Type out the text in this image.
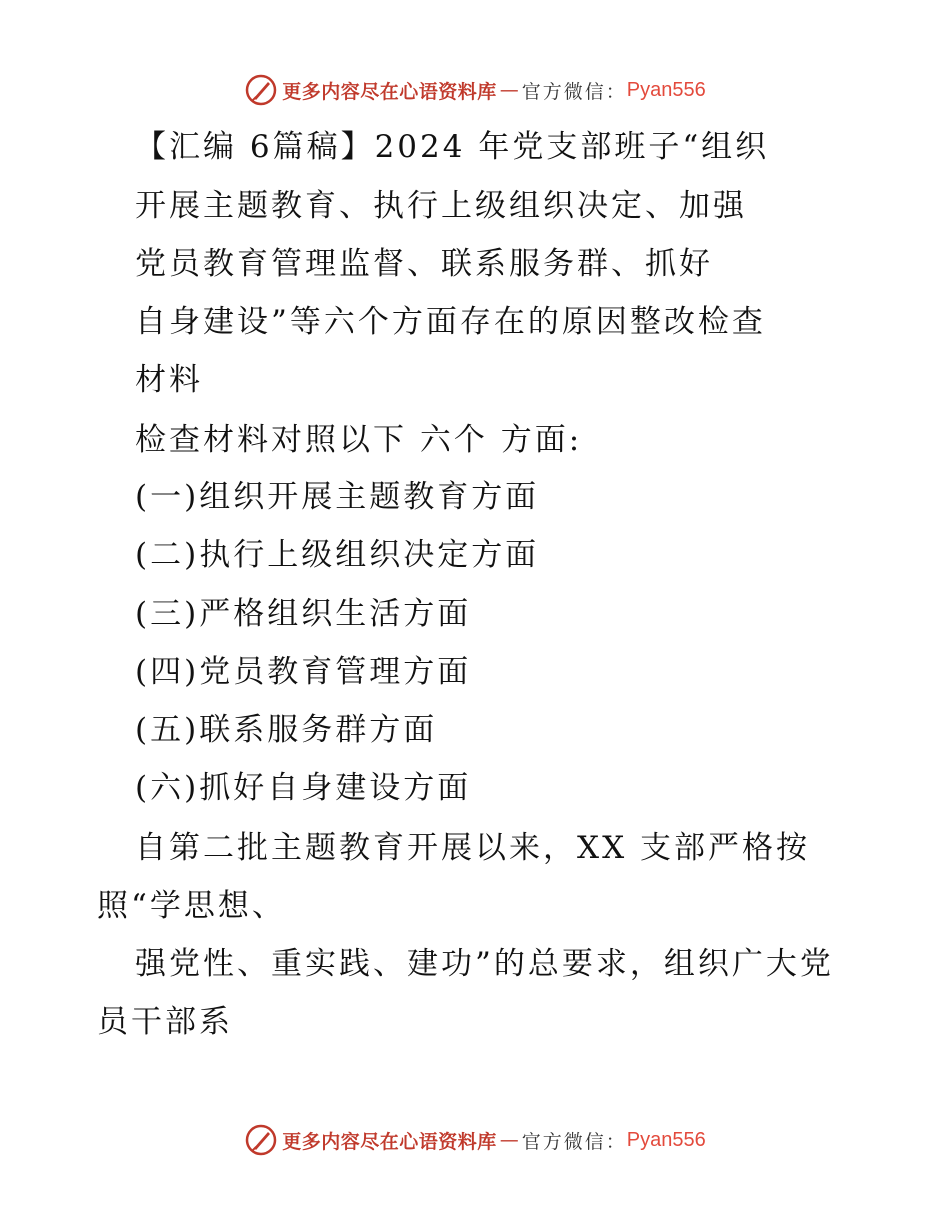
更多内容尽在心语资料库 — 官方微信： Pyan556
【汇编 6篇稿】2024 年党支部班子“组织
开展主题教育、执行上级组织决定、加强
党员教育管理监督、联系服务群、抓好
自身建设”等六个方面存在的原因整改检查
材料
检查材料对照以下 六个 方面:
(一)组织开展主题教育方面
(二)执行上级组织决定方面
(三)严格组织生活方面
(四)党员教育管理方面
(五)联系服务群方面
(六)抓好自身建设方面
自第二批主题教育开展以来，XX 支部严格按
照“学思想、
强党性、重实践、建功”的总要求，组织广大党
员干部系
更多内容尽在心语资料库 — 官方微信： Pyan556
